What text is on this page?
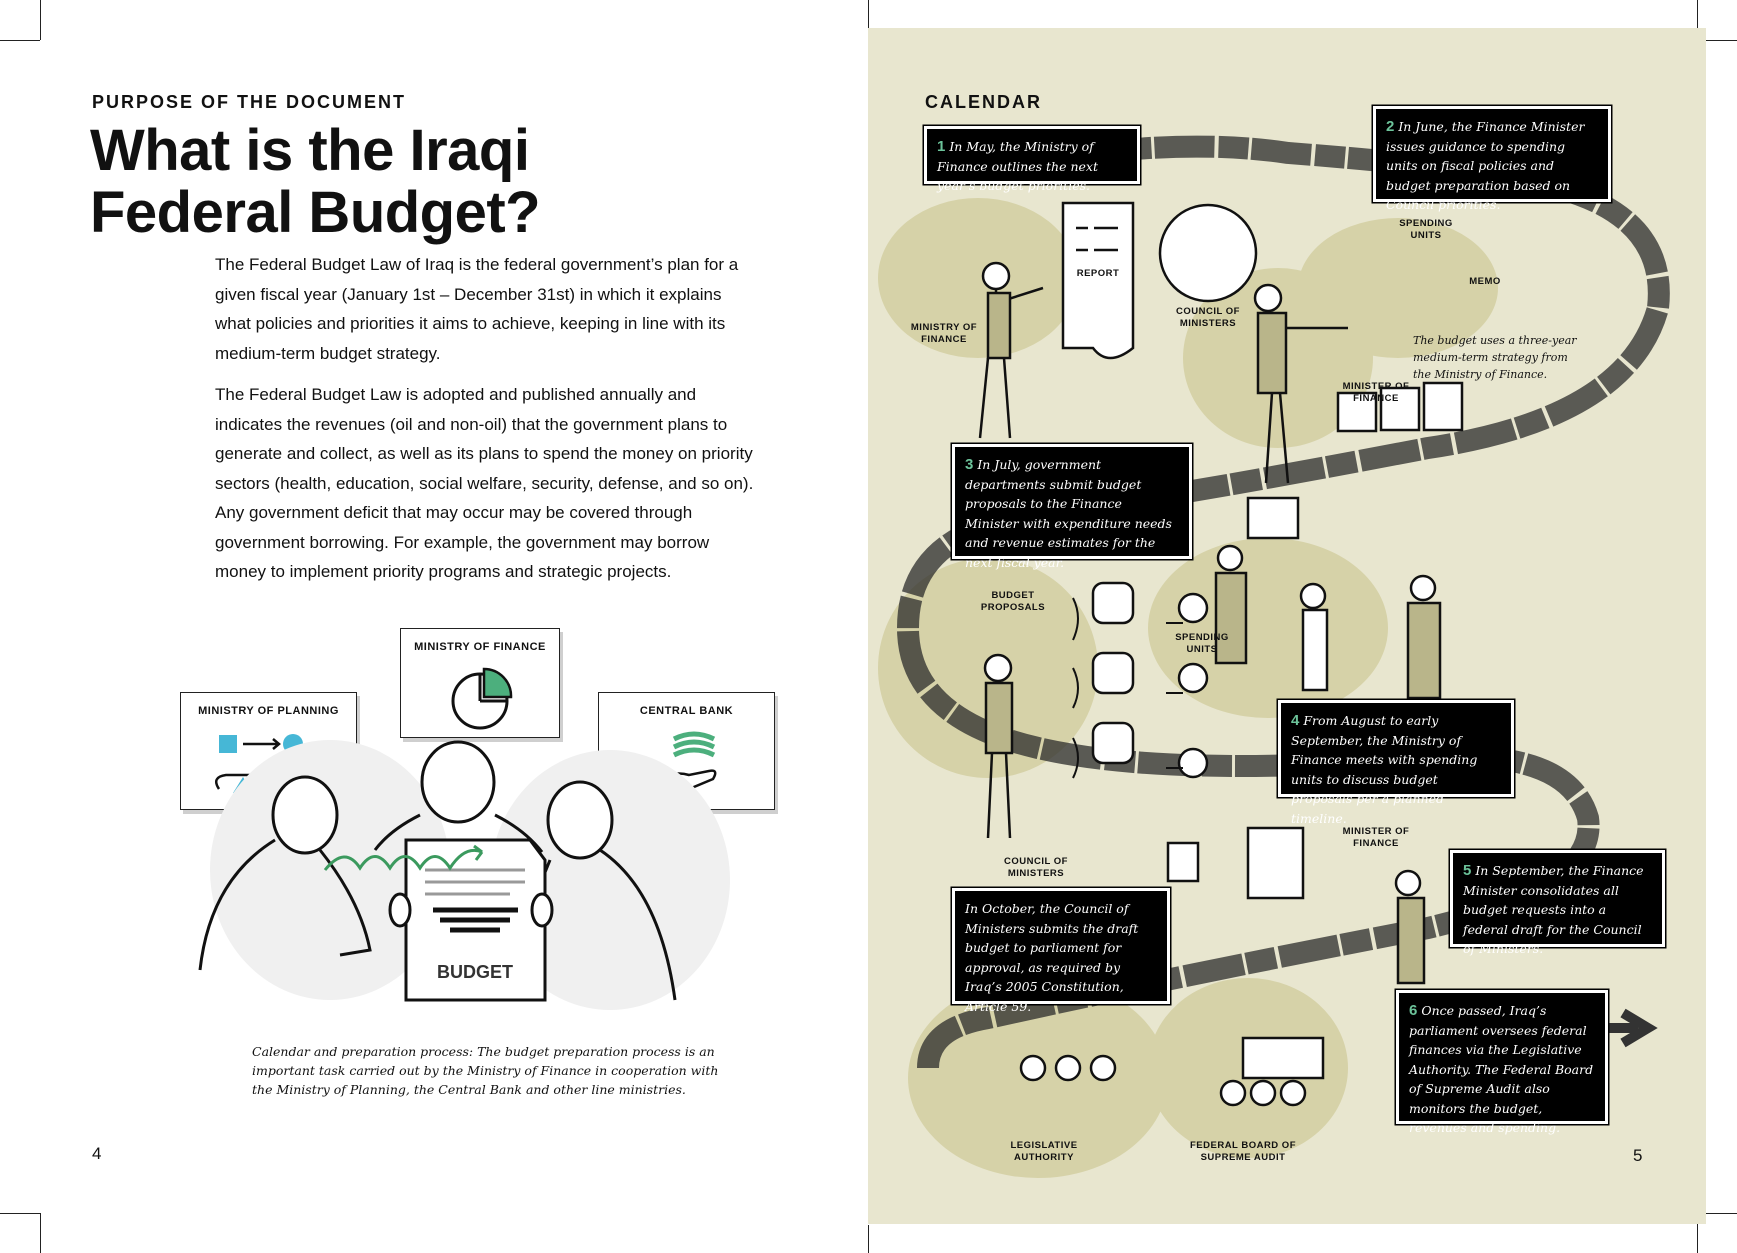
PURPOSE OF THE DOCUMENT
What is the Iraqi
Federal Budget?

The Federal Budget Law of Iraq is the federal government’s plan for a given fiscal year (January 1st – December 31st) in which it explains what policies and priorities it aims to achieve, keeping in line with its medium-term budget strategy.

The Federal Budget Law is adopted and published annually and indicates the revenues (oil and non-oil) that the government plans to generate and collect, as well as its plans to spend the money on priority sectors (health, education, social welfare, security, defense, and so on). Any government deficit that may occur may be covered through government borrowing. For example, the government may borrow money to implement priority programs and strategic projects.

MINISTRY OF FINANCE
MINISTRY OF PLANNING	CENTRAL BANK
BUDGET
Calendar and preparation process: The budget preparation process is an important task carried out by the Ministry of Finance in cooperation with the Ministry of Planning, the Central Bank and other line ministries.
4
CALENDAR
1 In May, the Ministry of Finance outlines the next year’s budget priorities.
2 In June, the Finance Minister issues guidance to spending units on fiscal policies and budget preparation based on Council priorities.
3 In July, government departments submit budget proposals to the Finance Minister with expenditure needs and revenue estimates for the next fiscal year.
4 From August to early September, the Ministry of Finance meets with spending units to discuss budget proposals per a planned timeline.
5 In September, the Finance Minister consolidates all budget requests into a federal draft for the Council of Ministers.
In October, the Council of Ministers submits the draft budget to parliament for approval, as required by Iraq’s 2005 Constitution, Article 59.	6 Once passed, Iraq’s parliament oversees federal finances via the Legislative Authority. The Federal Board of Supreme Audit also monitors the budget, revenues and spending.
MINISTRY OF FINANCE
REPORT
COUNCIL OF MINISTERS
SPENDING UNITS
MEMO
MINISTER OF FINANCE
The budget uses a three-year medium-term strategy from the Ministry of Finance.
BUDGET PROPOSALS
SPENDING UNITS
COUNCIL OF MINISTERS
MINISTER OF FINANCE
LEGISLATIVE AUTHORITY
FEDERAL BOARD OF SUPREME AUDIT	5
